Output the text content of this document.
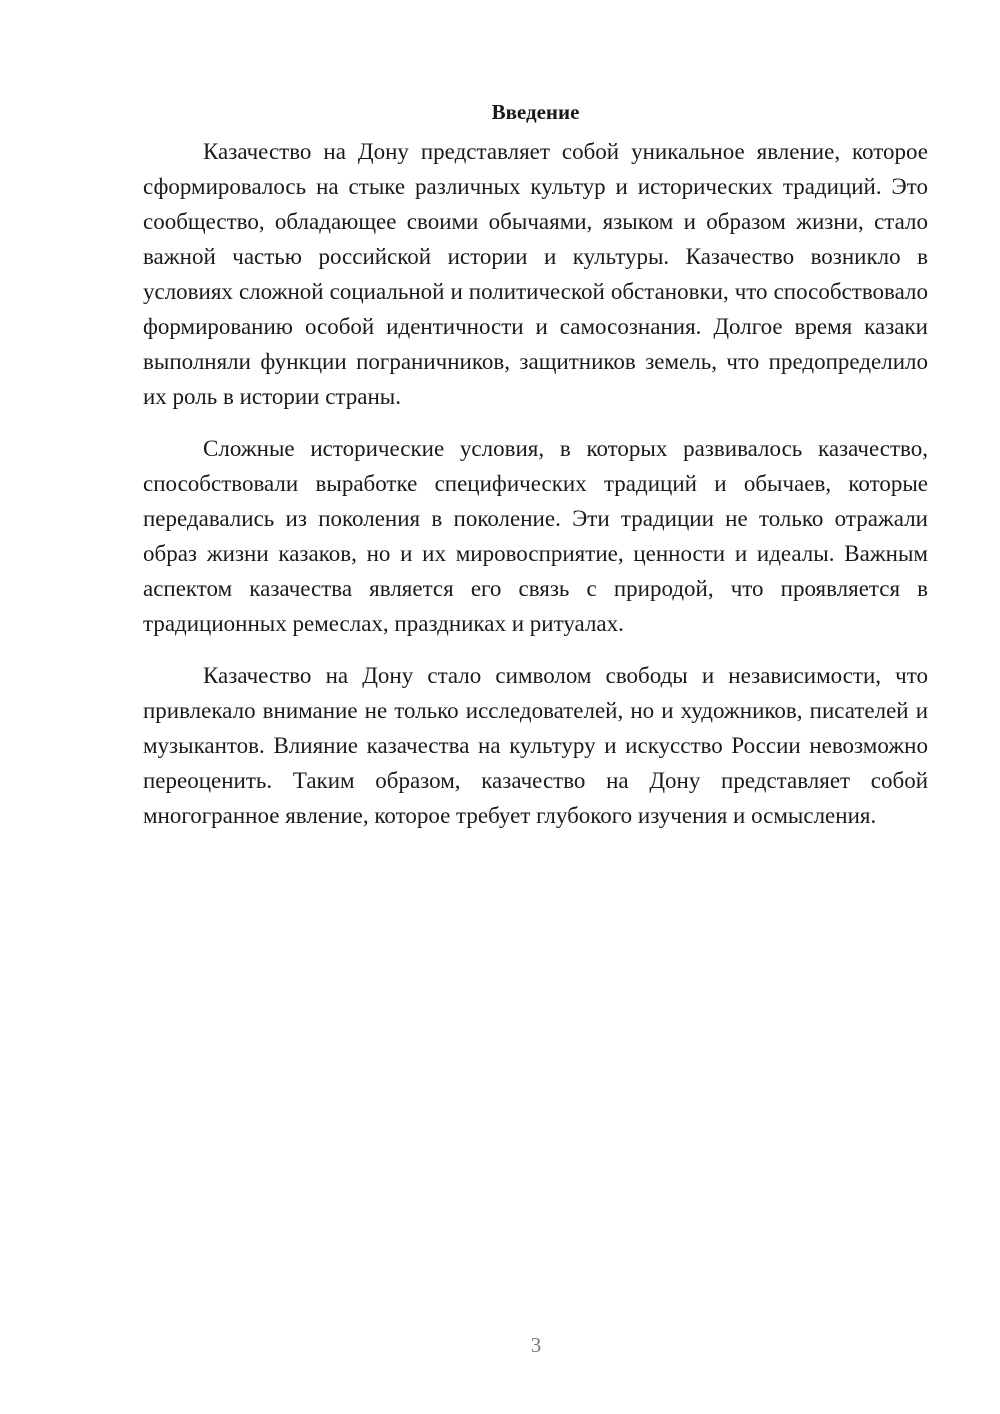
Введение

Казачество на Дону представляет собой уникальное явление, которое сформировалось на стыке различных культур и исторических традиций. Это сообщество, обладающее своими обычаями, языком и образом жизни, стало важной частью российской истории и культуры. Казачество возникло в условиях сложной социальной и политической обстановки, что способствовало формированию особой идентичности и самосознания. Долгое время казаки выполняли функции пограничников, защитников земель, что предопределило их роль в истории страны.

Сложные исторические условия, в которых развивалось казачество, способствовали выработке специфических традиций и обычаев, которые передавались из поколения в поколение. Эти традиции не только отражали образ жизни казаков, но и их мировосприятие, ценности и идеалы. Важным аспектом казачества является его связь с природой, что проявляется в традиционных ремеслах, праздниках и ритуалах.

Казачество на Дону стало символом свободы и независимости, что привлекало внимание не только исследователей, но и художников, писателей и музыкантов. Влияние казачества на культуру и искусство России невозможно переоценить. Таким образом, казачество на Дону представляет собой многогранное явление, которое требует глубокого изучения и осмысления.

3
